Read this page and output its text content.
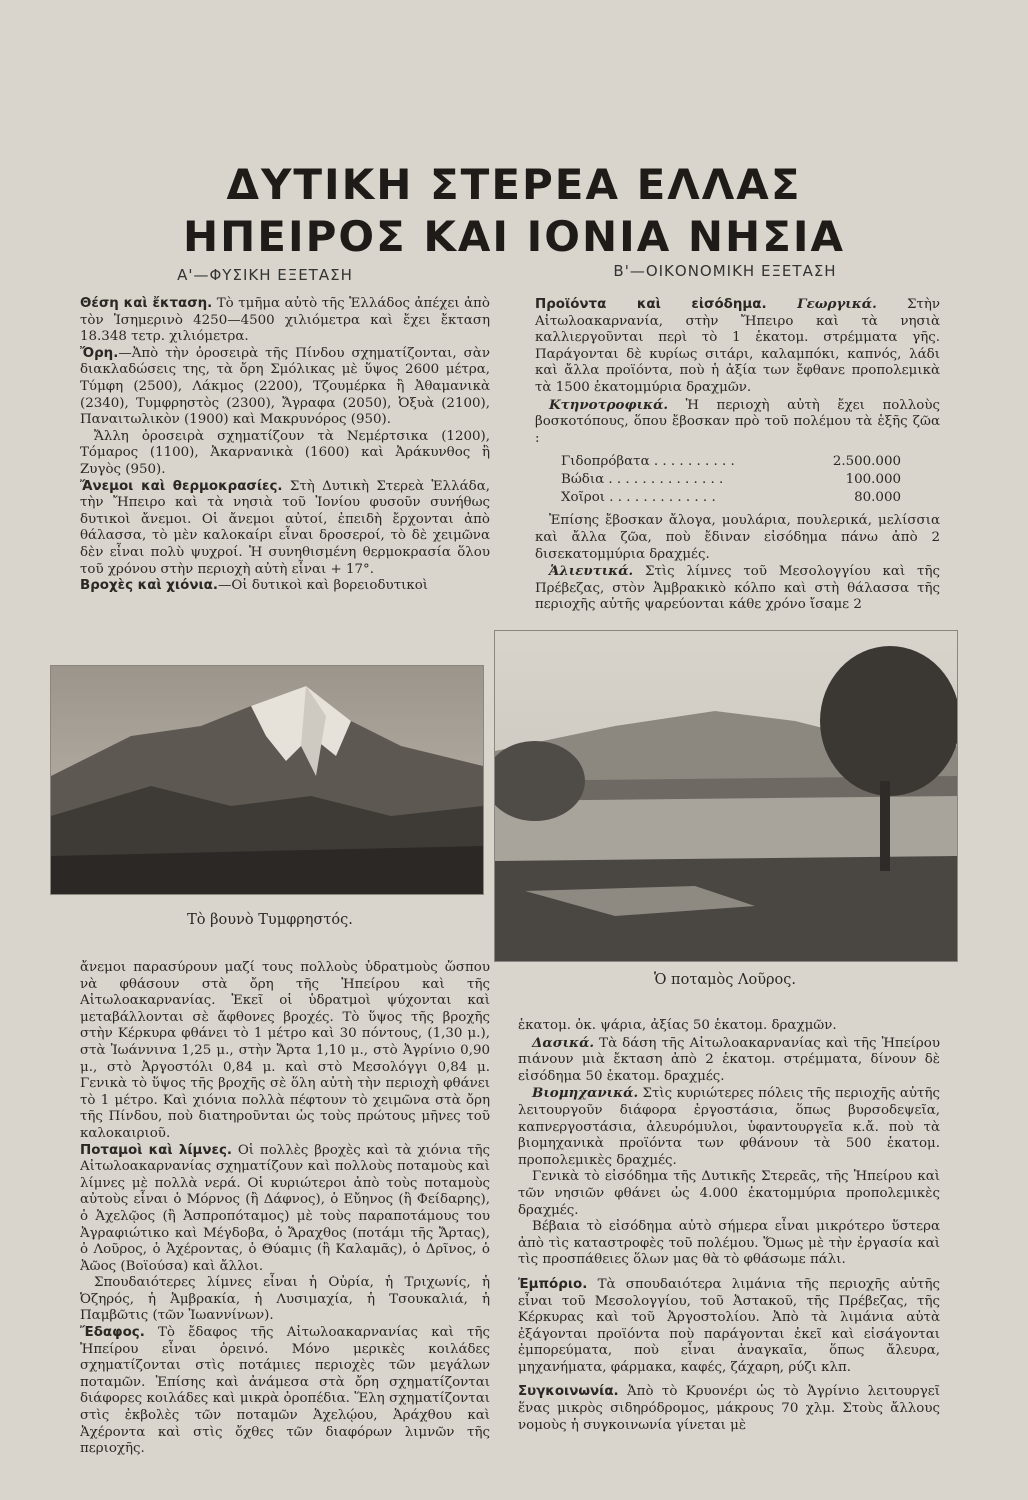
ΔΥΤΙΚΗ ΣΤΕΡΕΑ ΕΛΛΑΣ
ΗΠΕΙΡΟΣ ΚΑΙ ΙΟΝΙΑ ΝΗΣΙΑ
Α'—ΦΥΣΙΚΗ ΕΞΕΤΑΣΗ

Θέση καὶ ἔκταση. Τὸ τμῆμα αὐτὸ τῆς Ἑλλάδος ἀπέχει ἀπὸ τὸν Ἰσημερινὸ 4250—4500 χιλιόμετρα καὶ ἔχει ἔκταση 18.348 τετρ. χιλιόμετρα.

Ὄρη.—Ἀπὸ τὴν ὀροσειρὰ τῆς Πίνδου σχηματίζονται, σὰν διακλαδώσεις της, τὰ ὄρη Σμόλικας μὲ ὕψος 2600 μέτρα, Τύμφη (2500), Λάκμος (2200), Τζουμέρκα ἢ Ἀθαμανικὰ (2340), Τυμφρηστὸς (2300), Ἄγραφα (2050), Ὀξυὰ (2100), Παναιτωλικὸν (1900) καὶ Μακρυνόρος (950).

Ἄλλη ὀροσειρὰ σχηματίζουν τὰ Νεμέρτσικα (1200), Τόμαρος (1100), Ἀκαρνανικὰ (1600) καὶ Ἀράκυνθος ἢ Ζυγὸς (950).

Ἄνεμοι καὶ θερμοκρασίες. Στὴ Δυτικὴ Στερεὰ Ἑλλάδα, τὴν Ἤπειρο καὶ τὰ νησιὰ τοῦ Ἰονίου φυσοῦν συνήθως δυτικοὶ ἄνεμοι. Οἱ ἄνεμοι αὐτοί, ἐπειδὴ ἔρχονται ἀπὸ θάλασσα, τὸ μὲν καλοκαίρι εἶναι δροσεροί, τὸ δὲ χειμῶνα δὲν εἶναι πολὺ ψυχροί. Ἡ συνηθισμένη θερμοκρασία ὅλου τοῦ χρόνου στὴν περιοχὴ αὐτὴ εἶναι + 17°.

Βροχὲς καὶ χιόνια.—Οἱ δυτικοὶ καὶ βορειοδυτικοὶ

Τὸ βουνὸ Τυμφρηστός.

ἄνεμοι παρασύρουν μαζί τους πολλοὺς ὑδρατμοὺς ὥσπου νὰ φθάσουν στὰ ὄρη τῆς Ἠπείρου καὶ τῆς Αἰτωλοακαρνανίας. Ἐκεῖ οἱ ὑδρατμοὶ ψύχονται καὶ μεταβάλλονται σὲ ἄφθονες βροχές. Τὸ ὕψος τῆς βροχῆς στὴν Κέρκυρα φθάνει τὸ 1 μέτρο καὶ 30 πόντους, (1,30 μ.), στὰ Ἰωάννινα 1,25 μ., στὴν Ἄρτα 1,10 μ., στὸ Ἀγρίνιο 0,90 μ., στὸ Ἀργοστόλι 0,84 μ. καὶ στὸ Μεσολόγγι 0,84 μ. Γενικὰ τὸ ὕψος τῆς βροχῆς σὲ ὅλη αὐτὴ τὴν περιοχὴ φθάνει τὸ 1 μέτρο. Καὶ χιόνια πολλὰ πέφτουν τὸ χειμῶνα στὰ ὄρη τῆς Πίνδου, ποὺ διατηροῦνται ὡς τοὺς πρώτους μῆνες τοῦ καλοκαιριοῦ.

Ποταμοὶ καὶ λίμνες. Οἱ πολλὲς βροχὲς καὶ τὰ χιόνια τῆς Αἰτωλοακαρνανίας σχηματίζουν καὶ πολλοὺς ποταμοὺς καὶ λίμνες μὲ πολλὰ νερά. Οἱ κυριώτεροι ἀπὸ τοὺς ποταμοὺς αὐτοὺς εἶναι ὁ Μόρνος (ἢ Δάφνος), ὁ Εὔηνος (ἢ Φείδαρης), ὁ Ἀχελῷος (ἢ Ἀσπροπόταμος) μὲ τοὺς παραποτάμους του Ἀγραφιώτικο καὶ Μέγδοβα, ὁ Ἄραχθος (ποτάμι τῆς Ἄρτας), ὁ Λοῦρος, ὁ Ἀχέροντας, ὁ Θύαμις (ἢ Καλαμᾶς), ὁ Δρῖνος, ὁ Ἀῶος (Βοϊούσα) καὶ ἄλλοι.

Σπουδαιότερες λίμνες εἶναι ἡ Οὐρία, ἡ Τριχωνίς, ἡ Ὀζηρός, ἡ Ἀμβρακία, ἡ Λυσιμαχία, ἡ Τσουκαλιά, ἡ Παμβῶτις (τῶν Ἰωαννίνων).

Ἔδαφος. Τὸ ἔδαφος τῆς Αἰτωλοακαρνανίας καὶ τῆς Ἠπείρου εἶναι ὀρεινό. Μόνο μερικὲς κοιλάδες σχηματίζονται στὶς ποτάμιες περιοχὲς τῶν μεγάλων ποταμῶν. Ἐπίσης καὶ ἀνάμεσα στὰ ὄρη σχηματίζονται διάφορες κοιλάδες καὶ μικρὰ ὀροπέδια. Ἕλη σχηματίζονται στὶς ἐκβολὲς τῶν ποταμῶν Ἀχελῴου, Ἀράχθου καὶ Ἀχέροντα καὶ στὶς ὄχθες τῶν διαφόρων λιμνῶν τῆς περιοχῆς.

Β'—ΟΙΚΟΝΟΜΙΚΗ ΕΞΕΤΑΣΗ

Προϊόντα καὶ εἰσόδημα. Γεωργικά. Στὴν Αἰτωλοακαρνανία, στὴν Ἤπειρο καὶ τὰ νησιὰ καλλιεργοῦνται περὶ τὸ 1 ἑκατομ. στρέμματα γῆς. Παράγονται δὲ κυρίως σιτάρι, καλαμπόκι, καπνός, λάδι καὶ ἄλλα προϊόντα, ποὺ ἡ ἀξία των ἔφθανε προπολεμικὰ τὰ 1500 ἑκατομμύρια δραχμῶν.

Κτηνοτροφικά. Ἡ περιοχὴ αὐτὴ ἔχει πολλοὺς βοσκοτόπους, ὅπου ἔβοσκαν πρὸ τοῦ πολέμου τὰ ἑξῆς ζῶα :

Γιδοπρόβατα . . . . . . . . . .	2.500.000
Βώδια . . . . . . . . . . . . . .	100.000
Χοῖροι . . . . . . . . . . . . .	80.000

Ἐπίσης ἔβοσκαν ἄλογα, μουλάρια, πουλερικά, μελίσσια καὶ ἄλλα ζῶα, ποὺ ἔδιναν εἰσόδημα πάνω ἀπὸ 2 δισεκατομμύρια δραχμές.

Ἁλιευτικά. Στὶς λίμνες τοῦ Μεσολογγίου καὶ τῆς Πρέβεζας, στὸν Ἀμβρακικὸ κόλπο καὶ στὴ θάλασσα τῆς περιοχῆς αὐτῆς ψαρεύονται κάθε χρόνο ἴσαμε 2

Ὁ ποταμὸς Λοῦρος.

ἑκατομ. ὀκ. ψάρια, ἀξίας 50 ἑκατομ. δραχμῶν.

Δασικά. Τὰ δάση τῆς Αἰτωλοακαρνανίας καὶ τῆς Ἠπείρου πιάνουν μιὰ ἔκταση ἀπὸ 2 ἑκατομ. στρέμματα, δίνουν δὲ εἰσόδημα 50 ἑκατομ. δραχμές.

Βιομηχανικά. Στὶς κυριώτερες πόλεις τῆς περιοχῆς αὐτῆς λειτουργοῦν διάφορα ἐργοστάσια, ὅπως βυρσοδεψεῖα, καπνεργοστάσια, ἀλευρόμυλοι, ὑφαντουργεῖα κ.ἄ. ποὺ τὰ βιομηχανικὰ προϊόντα των φθάνουν τὰ 500 ἑκατομ. προπολεμικὲς δραχμές.

Γενικὰ τὸ εἰσόδημα τῆς Δυτικῆς Στερεᾶς, τῆς Ἠπείρου καὶ τῶν νησιῶν φθάνει ὡς 4.000 ἑκατομμύρια προπολεμικὲς δραχμές.

Βέβαια τὸ εἰσόδημα αὐτὸ σήμερα εἶναι μικρότερο ὕστερα ἀπὸ τὶς καταστροφὲς τοῦ πολέμου. Ὅμως μὲ τὴν ἐργασία καὶ τὶς προσπάθειες ὅλων μας θὰ τὸ φθάσωμε πάλι.

Ἐμπόριο. Τὰ σπουδαιότερα λιμάνια τῆς περιοχῆς αὐτῆς εἶναι τοῦ Μεσολογγίου, τοῦ Ἀστακοῦ, τῆς Πρέβεζας, τῆς Κέρκυρας καὶ τοῦ Ἀργοστολίου. Ἀπὸ τὰ λιμάνια αὐτὰ ἐξάγονται προϊόντα ποὺ παράγονται ἐκεῖ καὶ εἰσάγονται ἐμπορεύματα, ποὺ εἶναι ἀναγκαῖα, ὅπως ἄλευρα, μηχανήματα, φάρμακα, καφές, ζάχαρη, ρύζι κλπ.

Συγκοινωνία. Ἀπὸ τὸ Κρυονέρι ὡς τὸ Ἀγρίνιο λειτουργεῖ ἕνας μικρὸς σιδηρόδρομος, μάκρους 70 χλμ. Στοὺς ἄλλους νομοὺς ἡ συγκοινωνία γίνεται μὲ
